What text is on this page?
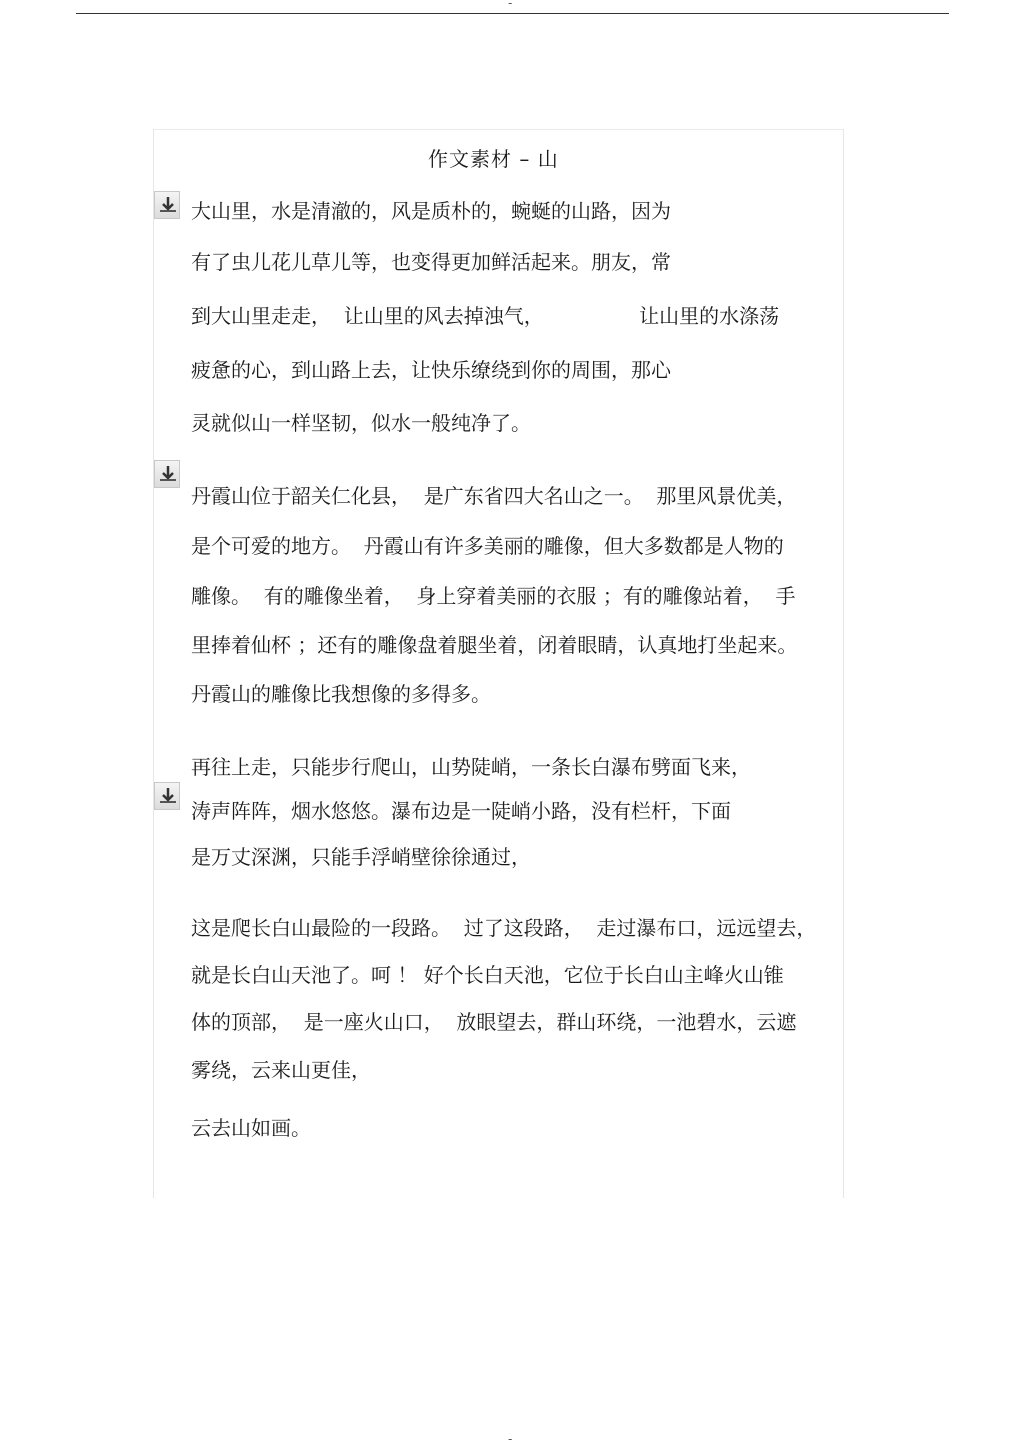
-
作文素材 – 山
大山里，水是清澈的，风是质朴的，蜿蜒的山路，因为
有了虫儿花儿草儿等，也变得更加鲜活起来。朋友，常
到大山里走走，  让山里的风去掉浊气，               让山里的水涤荡
疲惫的心，到山路上去，让快乐缭绕到你的周围，那心
灵就似山一样坚韧，似水一般纯净了。
丹霞山位于韶关仁化县，  是广东省四大名山之一。  那里风景优美，
是个可爱的地方。  丹霞山有许多美丽的雕像，但大多数都是人物的
雕像。  有的雕像坐着，  身上穿着美丽的衣服 ；有的雕像站着，  手
里捧着仙杯 ；还有的雕像盘着腿坐着，闭着眼睛，认真地打坐起来。
丹霞山的雕像比我想像的多得多。
再往上走，只能步行爬山，山势陡峭，一条长白瀑布劈面飞来，
涛声阵阵，烟水悠悠。瀑布边是一陡峭小路，没有栏杆，下面
是万丈深渊，只能手浮峭壁徐徐通过，
这是爬长白山最险的一段路。  过了这段路，  走过瀑布口，远远望去，
就是长白山天池了。呵 ！ 好个长白天池，它位于长白山主峰火山锥
体的顶部，  是一座火山口，  放眼望去，群山环绕，一池碧水，云遮
雾绕，云来山更佳，
云去山如画。
-
